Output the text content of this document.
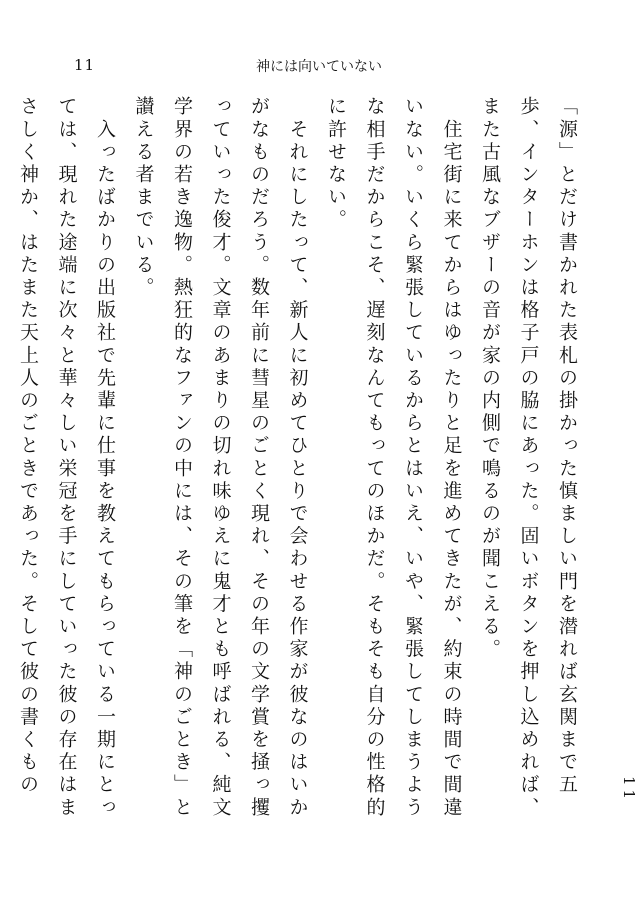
11	神には向いていない

「源」とだけ書かれた表札の掛かった慎ましい門を潜れば玄関まで五歩、インターホンは格子戸の脇にあった。固いボタンを押し込めれば、また古風なブザーの音が家の内側で鳴るのが聞こえる。

　住宅街に来てからはゆったりと足を進めてきたが、約束の時間で間違いない。いくら緊張しているからとはいえ、いや、緊張してしまうような相手だからこそ、遅刻なんてもってのほかだ。そもそも自分の性格的に許せない。

　それにしたって、新人に初めてひとりで会わせる作家が彼なのはいかがなものだろう。数年前に彗星のごとく現れ、その年の文学賞を掻っ攫っていった俊才。文章のあまりの切れ味ゆえに鬼才とも呼ばれる、純文学界の若き逸物。熱狂的なファンの中には、その筆を「神のごとき」と讃える者までいる。

　入ったばかりの出版社で先輩に仕事を教えてもらっている一期にとっては、現れた途端に次々と華々しい栄冠を手にしていった彼の存在はまさしく神か、はたまた天上人のごときであった。そして彼の書くもの	11
